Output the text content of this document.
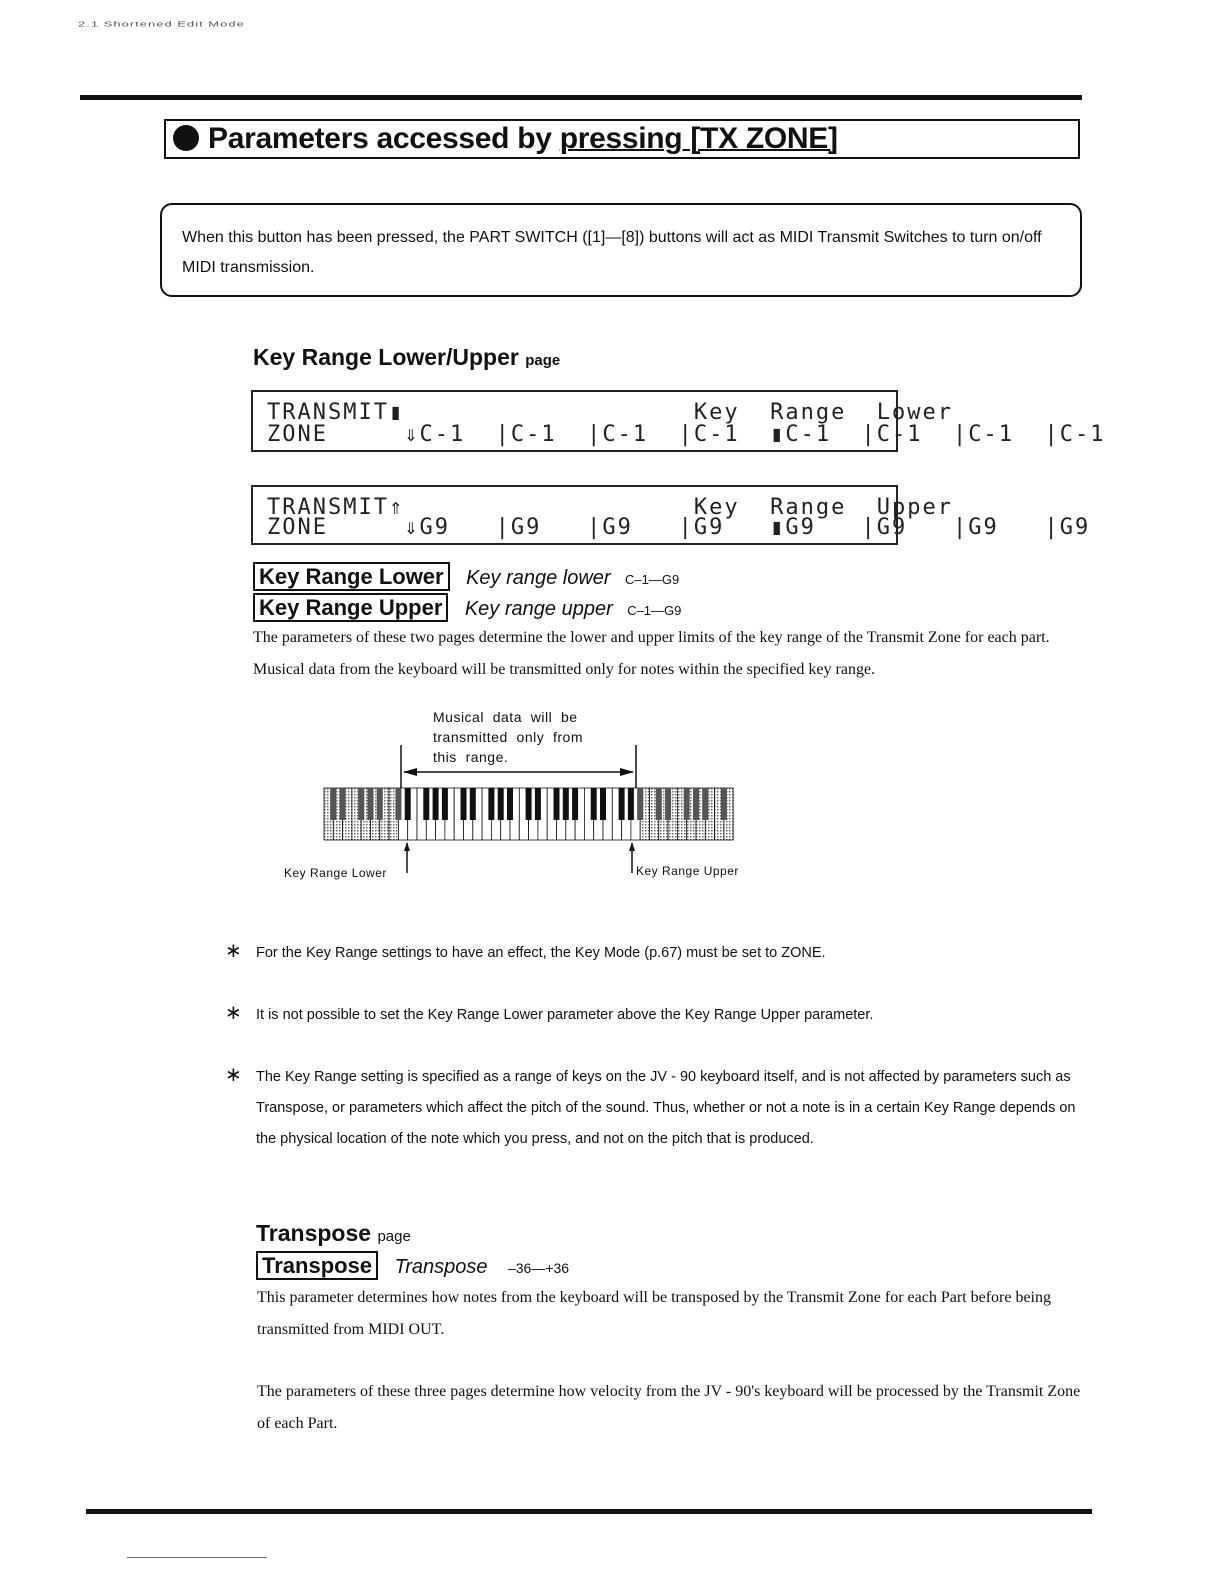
2.1 Shortened Edit Mode
Parameters accessed by pressing [TX ZONE]
When this button has been pressed, the PART SWITCH ([1]—[8]) buttons will act as MIDI Transmit Switches to turn on/off MIDI transmission.
Key Range Lower/Upper page
TRANSMIT▮                   Key  Range  Lower
ZONE     ⇓C-1  |C-1  |C-1  |C-1  ▮C-1  |C-1  |C-1  |C-1
TRANSMIT⇑                   Key  Range  Upper
ZONE     ⇓G9   |G9   |G9   |G9   ▮G9   |G9   |G9   |G9
Key Range Lower Key range lower C–1—G9
Key Range Upper Key range upper C–1—G9
The parameters of these two pages determine the lower and upper limits of the key range of the Transmit Zone for each part. Musical data from the keyboard will be transmitted only for notes within the specified key range.
Musical  data  will  be
transmitted  only  from
this  range.
Key Range Lower	Key Range Upper
∗ For the Key Range settings to have an effect, the Key Mode (p.67) must be set to ZONE.
∗ It is not possible to set the Key Range Lower parameter above the Key Range Upper parameter.
∗ The Key Range setting is specified as a range of keys on the JV - 90 keyboard itself, and is not affected by parameters such as Transpose, or parameters which affect the pitch of the sound. Thus, whether or not a note is in a certain Key Range depends on the physical location of the note which you press, and not on the pitch that is produced.
Transpose page
Transpose Transpose –36—+36
This parameter determines how notes from the keyboard will be transposed by the Transmit Zone for each Part before being transmitted from MIDI OUT.
The parameters of these three pages determine how velocity from the JV - 90's keyboard will be processed by the Transmit Zone of each Part.
